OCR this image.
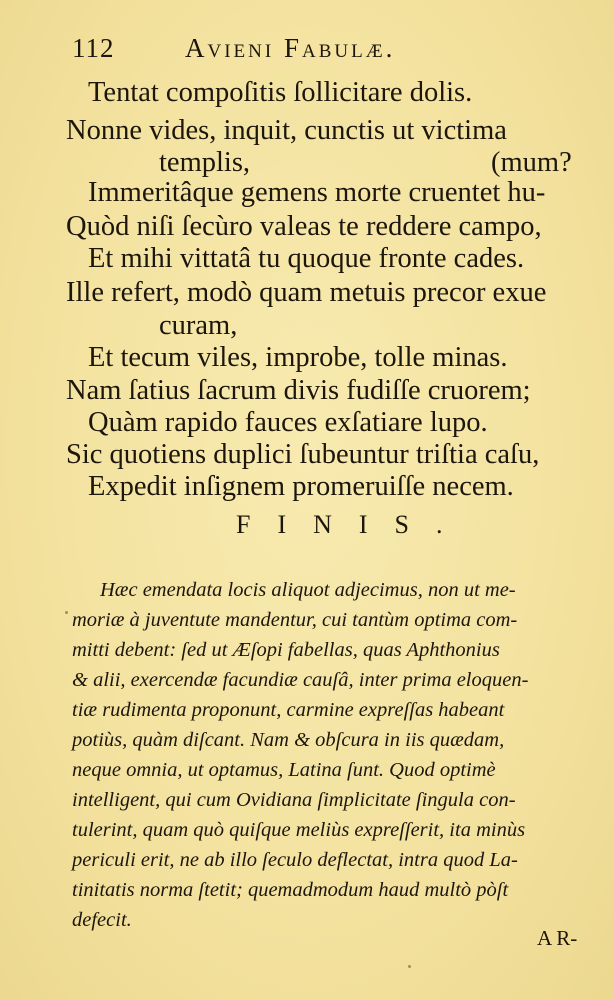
112	Avieni Fabulæ.
Tentat compoſitis ſollicitare dolis.
Nonne vides, inquit, cunctis ut victima
templis,	(mum?
Immeritâque gemens morte cruentet hu-
Quòd niſi ſecùro valeas te reddere campo,
Et mihi vittatâ tu quoque fronte cades.
Ille refert, modò quam metuis precor exue
curam,
Et tecum viles, improbe, tolle minas.
Nam ſatius ſacrum divis fudiſſe cruorem;
Quàm rapido fauces exſatiare lupo.
Sic quotiens duplici ſubeuntur triſtia caſu,
Expedit inſignem promeruiſſe necem.
FINIS.
Hæc emendata locis aliquot adjecimus, non ut me-
moriæ à juventute mandentur, cui tantùm optima com-
mitti debent: ſed ut Æſopi fabellas, quas Aphthonius
& alii, exercendæ facundiæ cauſâ, inter prima eloquen-
tiæ rudimenta proponunt, carmine expreſſas habeant
potiùs, quàm diſcant. Nam & obſcura in iis quædam,
neque omnia, ut optamus, Latina ſunt. Quod optimè
intelligent, qui cum Ovidiana ſimplicitate ſingula con-
tulerint, quam quò quiſque meliùs expreſſerit, ita minùs
periculi erit, ne ab illo ſeculo deflectat, intra quod La-
tinitatis norma ſtetit; quemadmodum haud multò pòſt
defecit.
A R-
